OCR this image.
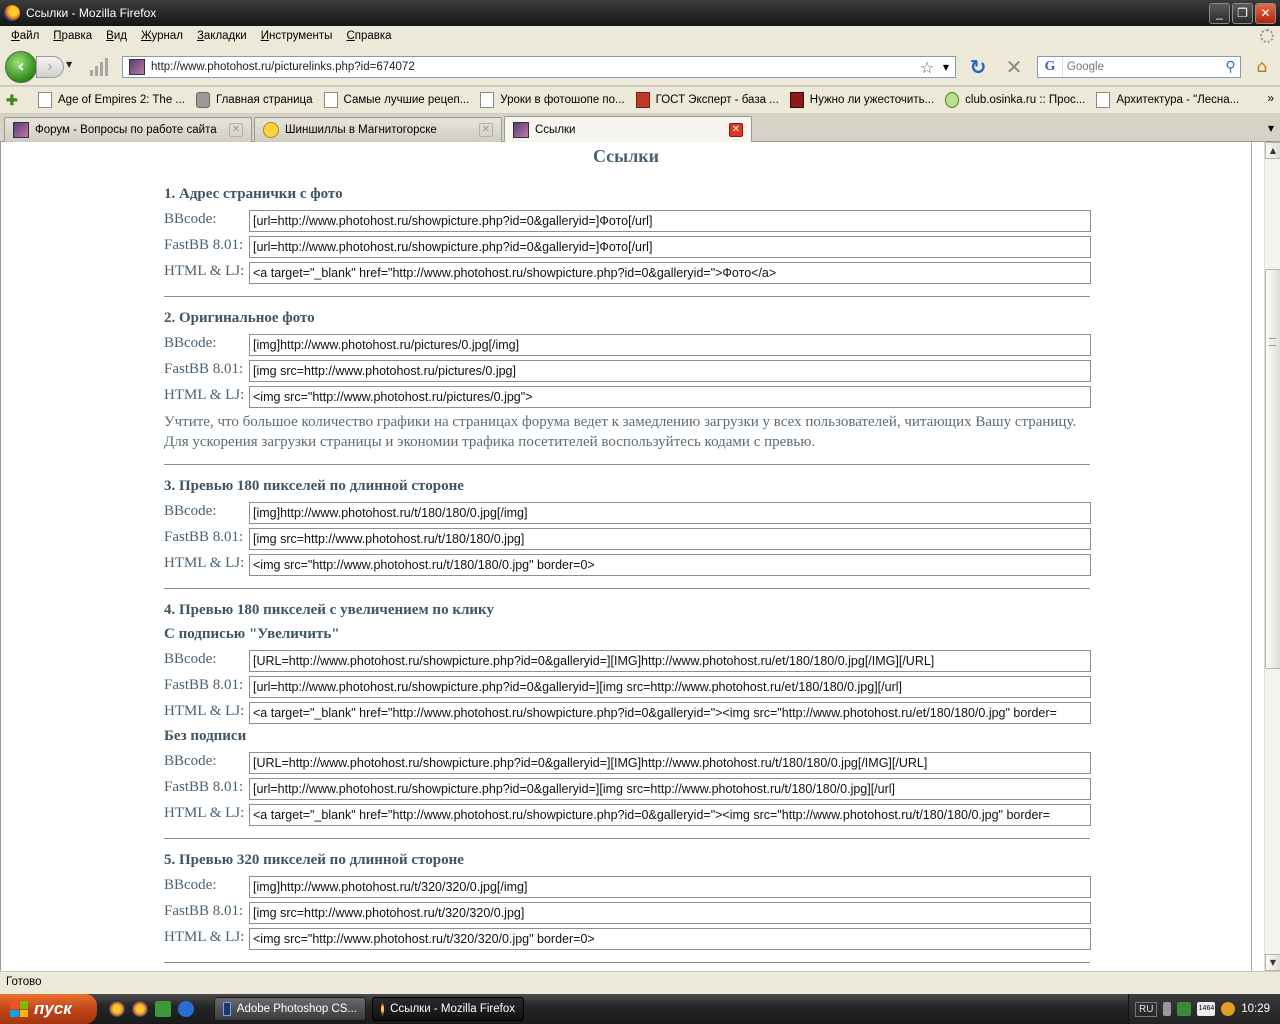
Ссылки - Mozilla Firefox	_	❐	✕
Файл	Правка	Вид	Журнал	Закладки	Инструменты	Справка
‹	›	▼	http://www.photohost.ru/picturelinks.php?id=674072	☆	▼ ↻ ✕	G
Google	⚲	⌂
✚	Age of Empires 2: The ...	Главная страница	Самые лучшие рецеп...	Уроки в фотошопе по...	ГОСТ Эксперт - база ...	Нужно ли ужесточить...	club.osinka.ru :: Прос...	Архитектура - "Лесна... »
Форум - Вопросы по работе сайта	✕	Шиншиллы в Магнитогорске	✕	Ссылки	✕	▼
Ссылки
1. Адрес странички с фото
BBcode:	[url=http://www.photohost.ru/showpicture.php?id=0&galleryid=]Фото[/url]
FastBB 8.01: [url=http://www.photohost.ru/showpicture.php?id=0&galleryid=]Фото[/url]
HTML & LJ: <a target="_blank" href="http://www.photohost.ru/showpicture.php?id=0&galleryid=">Фото</a>
2. Оригинальное фото
BBcode:	[img]http://www.photohost.ru/pictures/0.jpg[/img]
FastBB 8.01: [img src=http://www.photohost.ru/pictures/0.jpg]
HTML & LJ: <img src="http://www.photohost.ru/pictures/0.jpg">
Учтите, что большое количество графики на страницах форума ведет к замедлению загрузки у всех пользователей, читающих Вашу страницу. Для ускорения загрузки страницы и экономии трафика посетителей воспользуйтесь кодами с превью.
3. Превью 180 пикселей по длинной стороне
BBcode:	[img]http://www.photohost.ru/t/180/180/0.jpg[/img]
FastBB 8.01: [img src=http://www.photohost.ru/t/180/180/0.jpg]
HTML & LJ: <img src="http://www.photohost.ru/t/180/180/0.jpg" border=0>
4. Превью 180 пикселей с увеличением по клику
С подписью "Увеличить"
BBcode:	[URL=http://www.photohost.ru/showpicture.php?id=0&galleryid=][IMG]http://www.photohost.ru/et/180/180/0.jpg[/IMG][/URL]
FastBB 8.01: [url=http://www.photohost.ru/showpicture.php?id=0&galleryid=][img src=http://www.photohost.ru/et/180/180/0.jpg][/url]
HTML & LJ: <a target="_blank" href="http://www.photohost.ru/showpicture.php?id=0&galleryid="><img src="http://www.photohost.ru/et/180/180/0.jpg" border=
Без подписи
BBcode:	[URL=http://www.photohost.ru/showpicture.php?id=0&galleryid=][IMG]http://www.photohost.ru/t/180/180/0.jpg[/IMG][/URL]
FastBB 8.01: [url=http://www.photohost.ru/showpicture.php?id=0&galleryid=][img src=http://www.photohost.ru/t/180/180/0.jpg][/url]
HTML & LJ: <a target="_blank" href="http://www.photohost.ru/showpicture.php?id=0&galleryid="><img src="http://www.photohost.ru/t/180/180/0.jpg" border=
5. Превью 320 пикселей по длинной стороне
BBcode:	[img]http://www.photohost.ru/t/320/320/0.jpg[/img]
FastBB 8.01: [img src=http://www.photohost.ru/t/320/320/0.jpg]
HTML & LJ: <img src="http://www.photohost.ru/t/320/320/0.jpg" border=0>
▲
▼
Готово
пуск	Adobe Photoshop CS...	Ссылки - Mozilla Firefox	RU	1464 10:29
